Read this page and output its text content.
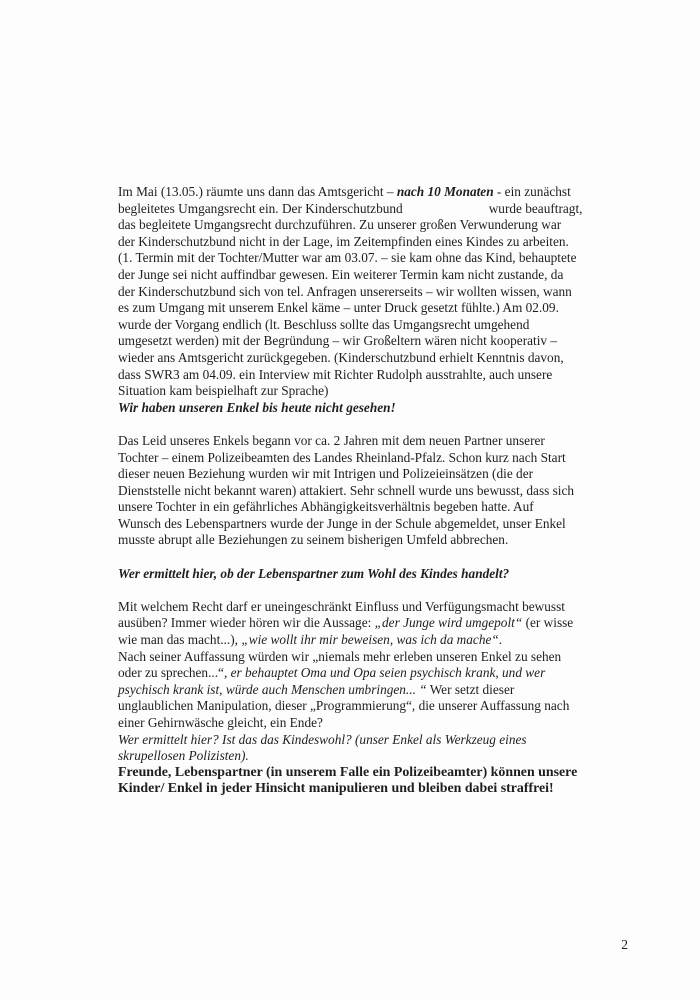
Im Mai (13.05.) räumte uns dann das Amtsgericht – nach 10 Monaten - ein zunächst
begleitetes Umgangsrecht ein. Der Kinderschutzbund	wurde beauftragt,
das begleitete Umgangsrecht durchzuführen. Zu unserer großen Verwunderung war
der Kinderschutzbund nicht in der Lage, im Zeitempfinden eines Kindes zu arbeiten.
(1. Termin mit der Tochter/Mutter war am 03.07. – sie kam ohne das Kind, behauptete
der Junge sei nicht auffindbar gewesen. Ein weiterer Termin kam nicht zustande, da
der Kinderschutzbund sich von tel. Anfragen unsererseits – wir wollten wissen, wann
es zum Umgang mit unserem Enkel käme – unter Druck gesetzt fühlte.) Am 02.09.
wurde der Vorgang endlich (lt. Beschluss sollte das Umgangsrecht umgehend
umgesetzt werden) mit der Begründung – wir Großeltern wären nicht kooperativ –
wieder ans Amtsgericht zurückgegeben. (Kinderschutzbund erhielt Kenntnis davon,
dass SWR3 am 04.09. ein Interview mit Richter Rudolph ausstrahlte, auch unsere
Situation kam beispielhaft zur Sprache)
Wir haben unseren Enkel bis heute nicht gesehen!
Das Leid unseres Enkels begann vor ca. 2 Jahren mit dem neuen Partner unserer
Tochter – einem Polizeibeamten des Landes Rheinland-Pfalz. Schon kurz nach Start
dieser neuen Beziehung wurden wir mit Intrigen und Polizeieinsätzen (die der
Dienststelle nicht bekannt waren) attakiert. Sehr schnell wurde uns bewusst, dass sich
unsere Tochter in ein gefährliches Abhängigkeitsverhältnis begeben hatte. Auf
Wunsch des Lebenspartners wurde der Junge in der Schule abgemeldet, unser Enkel
musste abrupt alle Beziehungen zu seinem bisherigen Umfeld abbrechen.
Wer ermittelt hier, ob der Lebenspartner zum Wohl des Kindes handelt?
Mit welchem Recht darf er uneingeschränkt Einfluss und Verfügungsmacht bewusst
ausüben? Immer wieder hören wir die Aussage: „der Junge wird umgepolt“ (er wisse
wie man das macht...), „wie wollt ihr mir beweisen, was ich da mache“.
Nach seiner Auffassung würden wir „niemals mehr erleben unseren Enkel zu sehen
oder zu sprechen...“, er behauptet Oma und Opa seien psychisch krank, und wer
psychisch krank ist, würde auch Menschen umbringen... “ Wer setzt dieser
unglaublichen Manipulation, dieser „Programmierung“, die unserer Auffassung nach
einer Gehirnwäsche gleicht, ein Ende?
Wer ermittelt hier? Ist das das Kindeswohl? (unser Enkel als Werkzeug eines
skrupellosen Polizisten).
Freunde, Lebenspartner (in unserem Falle ein Polizeibeamter) können unsere
Kinder/ Enkel in jeder Hinsicht manipulieren und bleiben dabei straffrei!
2
